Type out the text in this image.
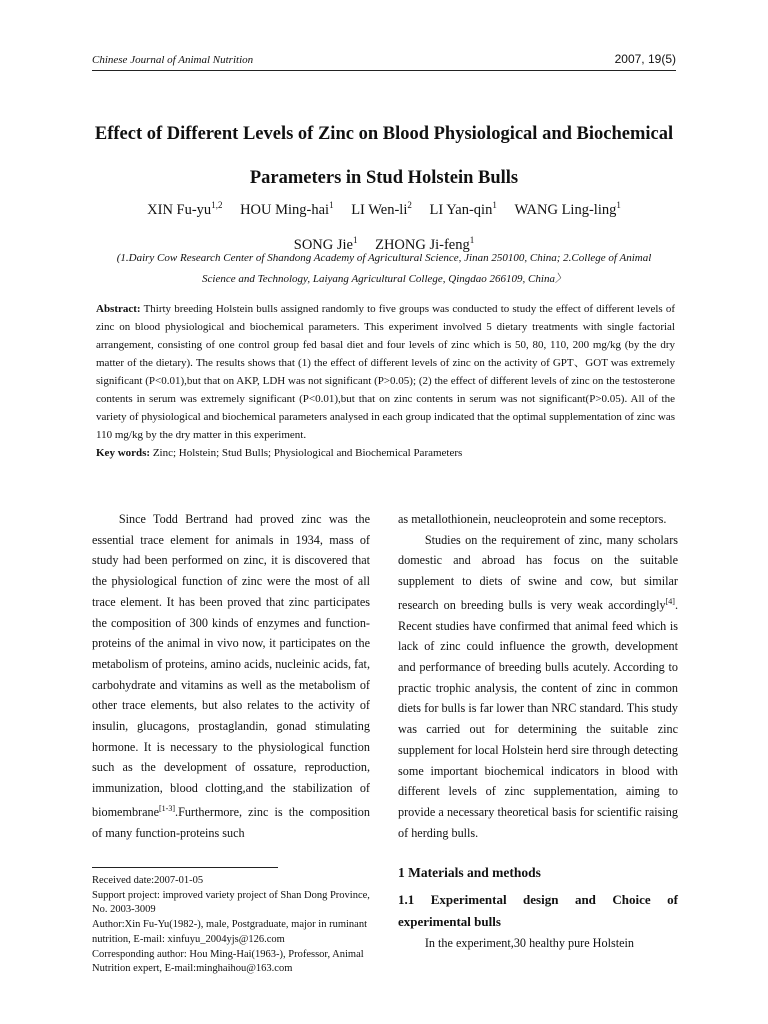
Chinese Journal of Animal Nutrition	2007, 19(5)
Effect of Different Levels of Zinc on Blood Physiological and Biochemical
Parameters in Stud Holstein Bulls
XIN Fu-yu$^{1,2}$ HOU Ming-hai$^1$ LI Wen-$li^2$ LI Yan-qin$^1$ WANG Ling-ling$^1$
SONG Jie$^1$ ZHONG Ji-feng$^1$
(1.Dairy Cow Research Center of Shandong Academy of Agricultural Science, Jinan 250100, China; 2.College of Animal
Science and Technology, Laiyang Agricultural College, Qingdao 266109, China〉
Abstract: Thirty breeding Holstein bulls assigned randomly to five groups was conducted to study the effect of different levels of zinc on blood physiological and biochemical parameters. This experiment involved 5 dietary treatments with single factorial arrangement, consisting of one control group fed basal diet and four levels of zinc which is 50, 80, 110, 200 mg/kg (by the dry matter of the dietary). The results shows that (1) the effect of different levels of zinc on the activity of GPT、GOT was extremely significant (P<0.01),but that on AKP, LDH was not significant (P>0.05); (2) the effect of different levels of zinc on the testosterone contents in serum was extremely significant (P<0.01),but that on zinc contents in serum was not significant(P>0.05). All of the variety of physiological and biochemical parameters analysed in each group indicated that the optimal supplementation of zinc was 110 mg/kg by the dry matter in this experiment.
Key words: Zinc; Holstein; Stud Bulls; Physiological and Biochemical Parameters

Since Todd Bertrand had proved zinc was the essential trace element for animals in 1934, mass of study had been performed on zinc, it is discovered that the physiological function of zinc were the most of all trace element. It has been proved that zinc participates the composition of 300 kinds of enzymes and function-proteins of the animal in vivo now, it participates on the metabolism of proteins, amino acids, nucleinic acids, fat, carbohydrate and vitamins as well as the metabolism of other trace elements, but also relates to the activity of insulin, glucagons, prostaglandin, gonad stimulating hormone. It is necessary to the physiological function such as the development of ossature, reproduction, immunization, blood clotting,and the stabilization of biomembrane[1-3].Furthermore, zinc is the composition of many function-proteins such

Received date:2007-01-05
Support project: improved variety project of Shan Dong Province, No. 2003-3009
Author:Xin Fu-Yu(1982-), male, Postgraduate, major in ruminant nutrition, E-mail: xinfuyu_2004yjs@126.com
Corresponding author: Hou Ming-Hai(1963-), Professor, Animal Nutrition expert, E-mail:minghaihou@163.com

as metallothionein, neucleoprotein and some receptors.

Studies on the requirement of zinc, many scholars domestic and abroad has focus on the suitable supplement to diets of swine and cow, but similar research on breeding bulls is very weak accordingly[4]. Recent studies have confirmed that animal feed which is lack of zinc could influence the growth, development and performance of breeding bulls acutely. According to practic trophic analysis, the content of zinc in common diets for bulls is far lower than NRC standard. This study was carried out for determining the suitable zinc supplement for local Holstein herd sire through detecting some important biochemical indicators in blood with different levels of zinc supplementation, aiming to provide a necessary theoretical basis for scientific raising of herding bulls.

1 Materials and methods
1.1 Experimental design and Choice of experimental bulls

In the experiment,30 healthy pure Holstein
